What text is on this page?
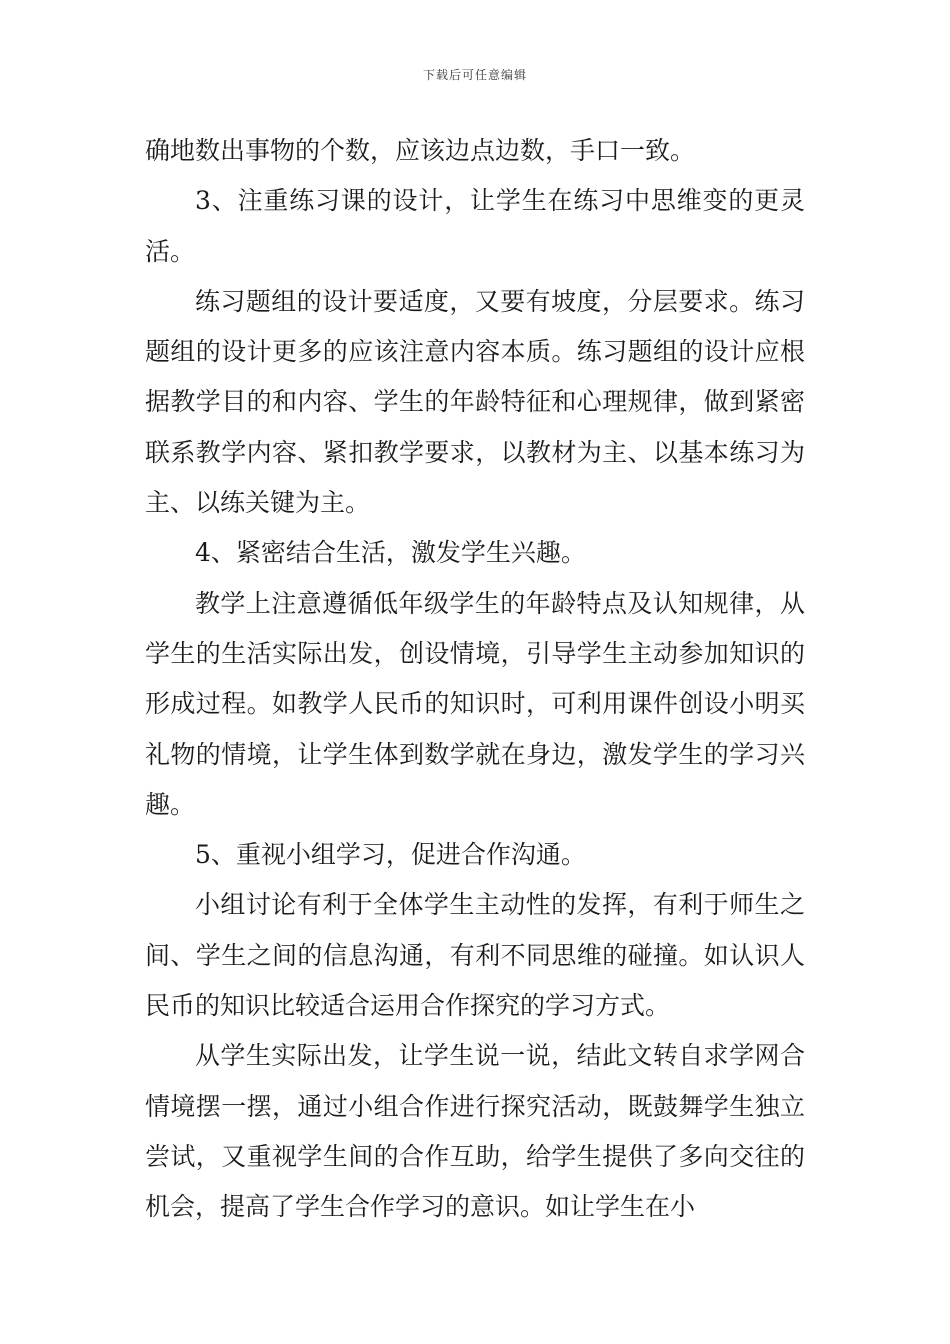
下载后可任意编辑

确地数出事物的个数，应该边点边数，手口一致。

3、注重练习课的设计，让学生在练习中思维变的更灵活。

练习题组的设计要适度，又要有坡度，分层要求。练习题组的设计更多的应该注意内容本质。练习题组的设计应根据教学目的和内容、学生的年龄特征和心理规律，做到紧密联系教学内容、紧扣教学要求，以教材为主、以基本练习为主、以练关键为主。

4、紧密结合生活，激发学生兴趣。

教学上注意遵循低年级学生的年龄特点及认知规律，从学生的生活实际出发，创设情境，引导学生主动参加知识的形成过程。如教学人民币的知识时，可利用课件创设小明买礼物的情境，让学生体到数学就在身边，激发学生的学习兴趣。

5、重视小组学习，促进合作沟通。

小组讨论有利于全体学生主动性的发挥，有利于师生之间、学生之间的信息沟通，有利不同思维的碰撞。如认识人民币的知识比较适合运用合作探究的学习方式。

从学生实际出发，让学生说一说，结此文转自求学网合情境摆一摆，通过小组合作进行探究活动，既鼓舞学生独立尝试，又重视学生间的合作互助，给学生提供了多向交往的机会，提高了学生合作学习的意识。如让学生在小
